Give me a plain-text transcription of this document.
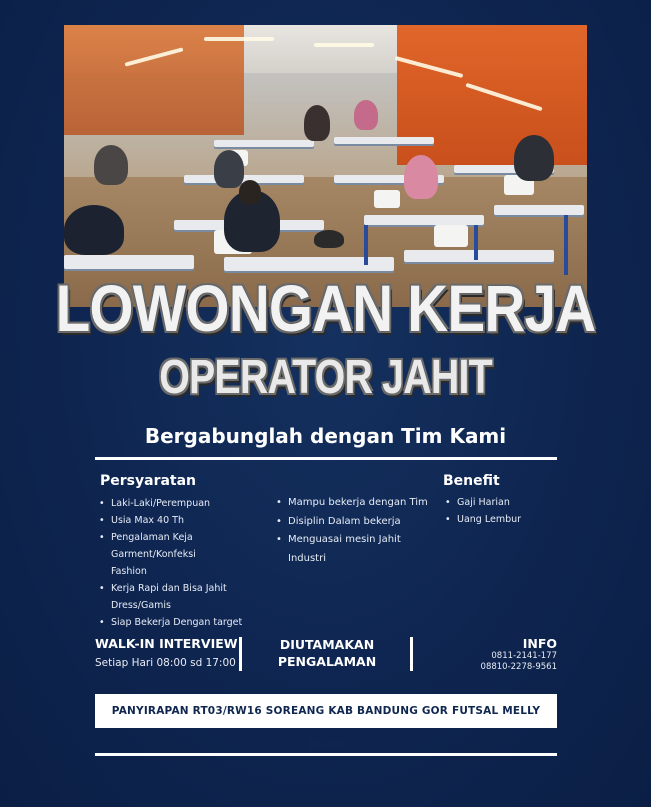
LOWONGAN KERJA
OPERATOR JAHIT
Bergabunglah dengan Tim Kami
Persyaratan
• Laki-Laki/Perempuan
• Usia Max 40 Th
• Pengalaman Keja Garment/Konfeksi
Fashion
• Kerja Rapi dan Bisa Jahit Dress/Gamis
• Siap Bekerja Dengan target
• Mampu bekerja dengan Tim
• Disiplin Dalam bekerja
• Menguasai mesin Jahit
Industri
Benefit
• Gaji Harian
• Uang Lembur
WALK-IN INTERVIEW
Setiap Hari 08:00 sd 17:00
DIUTAMAKAN
PENGALAMAN
INFO
0811-2141-177
08810-2278-9561
PANYIRAPAN RT03/RW16 SOREANG KAB BANDUNG GOR FUTSAL MELLY FAJAR
